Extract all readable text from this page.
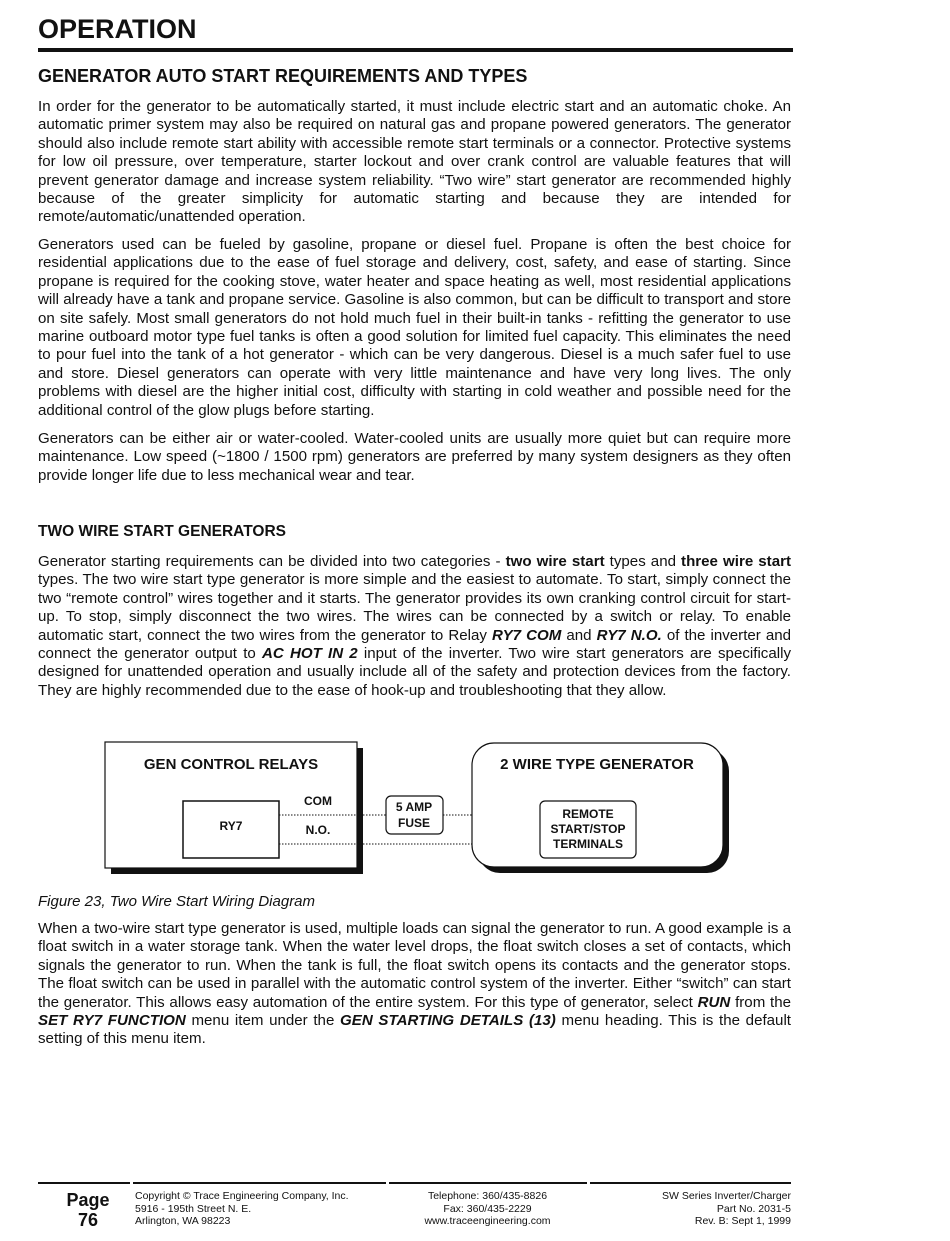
OPERATION
GENERATOR AUTO START REQUIREMENTS AND TYPES
In order for the generator to be automatically started, it must include electric start and an automatic choke. An automatic primer system may also be required on natural gas and propane powered generators. The generator should also include remote start ability with accessible remote start terminals or a connector. Protective systems for low oil pressure, over temperature, starter lockout and over crank control are valuable features that will prevent generator damage and increase system reliability. “Two wire” start generator are recommended highly because of the greater simplicity for automatic starting and because they are intended for remote/automatic/unattended operation.
Generators used can be fueled by gasoline, propane or diesel fuel. Propane is often the best choice for residential applications due to the ease of fuel storage and delivery, cost, safety, and ease of starting. Since propane is required for the cooking stove, water heater and space heating as well, most residential applications will already have a tank and propane service. Gasoline is also common, but can be difficult to transport and store on site safely. Most small generators do not hold much fuel in their built-in tanks - refitting the generator to use marine outboard motor type fuel tanks is often a good solution for limited fuel capacity. This eliminates the need to pour fuel into the tank of a hot generator - which can be very dangerous. Diesel is a much safer fuel to use and store. Diesel generators can operate with very little maintenance and have very long lives. The only problems with diesel are the higher initial cost, difficulty with starting in cold weather and possible need for the additional control of the glow plugs before starting.
Generators can be either air or water-cooled. Water-cooled units are usually more quiet but can require more maintenance. Low speed (~1800 / 1500 rpm) generators are preferred by many system designers as they often provide longer life due to less mechanical wear and tear.
TWO WIRE START GENERATORS
Generator starting requirements can be divided into two categories - two wire start types and three wire start types. The two wire start type generator is more simple and the easiest to automate. To start, simply connect the two “remote control” wires together and it starts. The generator provides its own cranking control circuit for start-up. To stop, simply disconnect the two wires. The wires can be connected by a switch or relay. To enable automatic start, connect the two wires from the generator to Relay RY7 COM and RY7 N.O. of the inverter and connect the generator output to AC HOT IN 2 input of the inverter. Two wire start generators are specifically designed for unattended operation and usually include all of the safety and protection devices from the factory. They are highly recommended due to the ease of hook-up and troubleshooting that they allow.
GEN CONTROL RELAYS
RY7
COM
N.O.
5 AMP
FUSE
2 WIRE TYPE GENERATOR
REMOTE
START/STOP
TERMINALS
Figure 23, Two Wire Start Wiring Diagram
When a two-wire start type generator is used, multiple loads can signal the generator to run. A good example is a float switch in a water storage tank. When the water level drops, the float switch closes a set of contacts, which signals the generator to run. When the tank is full, the float switch opens its contacts and the generator stops. The float switch can be used in parallel with the automatic control system of the inverter. Either “switch” can start the generator. This allows easy automation of the entire system. For this type of generator, select RUN from the SET RY7 FUNCTION menu item under the GEN STARTING DETAILS (13) menu heading. This is the default setting of this menu item.
Page
76
Copyright © Trace Engineering Company, Inc.
5916 - 195th Street N. E.
Arlington, WA 98223
Telephone: 360/435-8826
Fax: 360/435-2229
www.traceengineering.com
SW Series Inverter/Charger
Part No. 2031-5
Rev. B: Sept 1, 1999
